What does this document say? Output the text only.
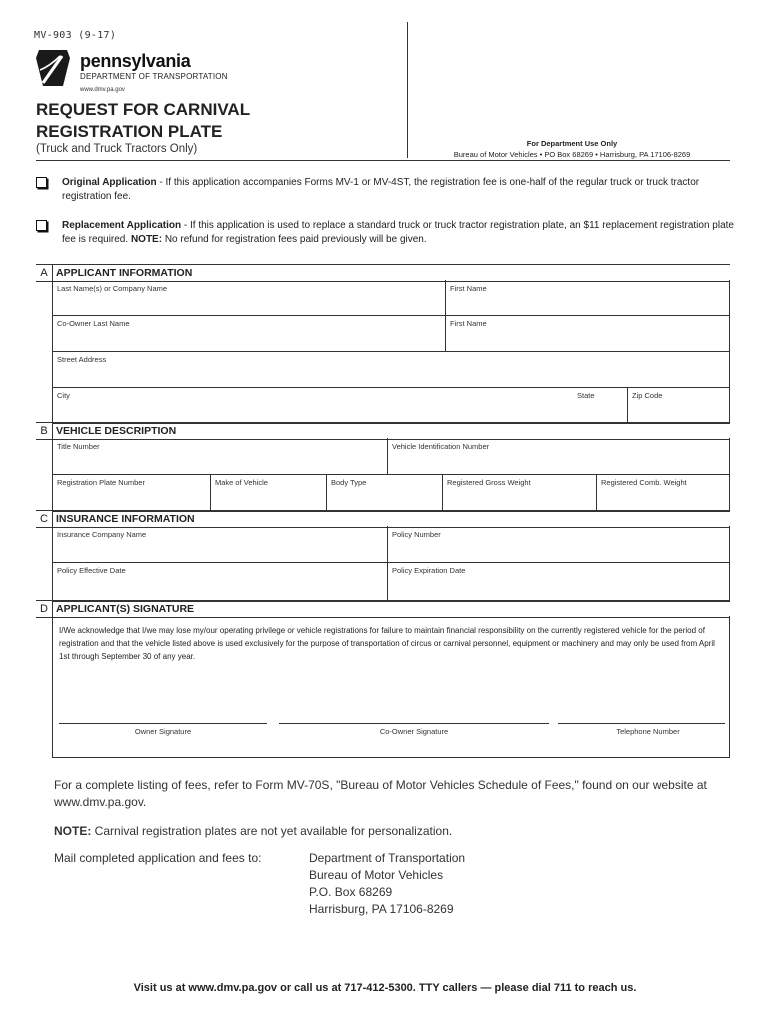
MV-903 (9-17)
pennsylvania
DEPARTMENT OF TRANSPORTATION
www.dmv.pa.gov
REQUEST FOR CARNIVAL
REGISTRATION PLATE
(Truck and Truck Tractors Only)	For Department Use Only
Bureau of Motor Vehicles • PO Box 68269 • Harrisburg, PA 17106-8269
Original Application - If this application accompanies Forms MV-1 or MV-4ST, the registration fee is one-half of the regular truck or truck tractor registration fee.
Replacement Application - If this application is used to replace a standard truck or truck tractor registration plate, an $11 replacement registration plate fee is required. NOTE: No refund for registration fees paid previously will be given.
A APPLICANT INFORMATION
Last Name(s) or Company Name	First Name
Co-Owner Last Name	First Name
Street Address
City	State	Zip Code
B VEHICLE DESCRIPTION
Title Number	Vehicle Identification Number
Registration Plate Number	Make of Vehicle	Body Type	Registered Gross Weight	Registered Comb. Weight
C INSURANCE INFORMATION
Insurance Company Name	Policy Number
Policy Effective Date	Policy Expiration Date
D APPLICANT(S) SIGNATURE
I/We acknowledge that I/we may lose my/our operating privilege or vehicle registrations for failure to maintain financial responsibility on the currently registered vehicle for the period of registration and that the vehicle listed above is used exclusively for the purpose of transportation of circus or carnival personnel, equipment or machinery and may only be used from April 1st through September 30 of any year.
Owner Signature	Co-Owner Signature	Telephone Number
For a complete listing of fees, refer to Form MV-70S, "Bureau of Motor Vehicles Schedule of Fees," found on our website at www.dmv.pa.gov.
NOTE: Carnival registration plates are not yet available for personalization.
Mail completed application and fees to:	Department of Transportation
Bureau of Motor Vehicles
P.O. Box 68269
Harrisburg, PA 17106-8269
Visit us at www.dmv.pa.gov or call us at 717-412-5300. TTY callers — please dial 711 to reach us.
